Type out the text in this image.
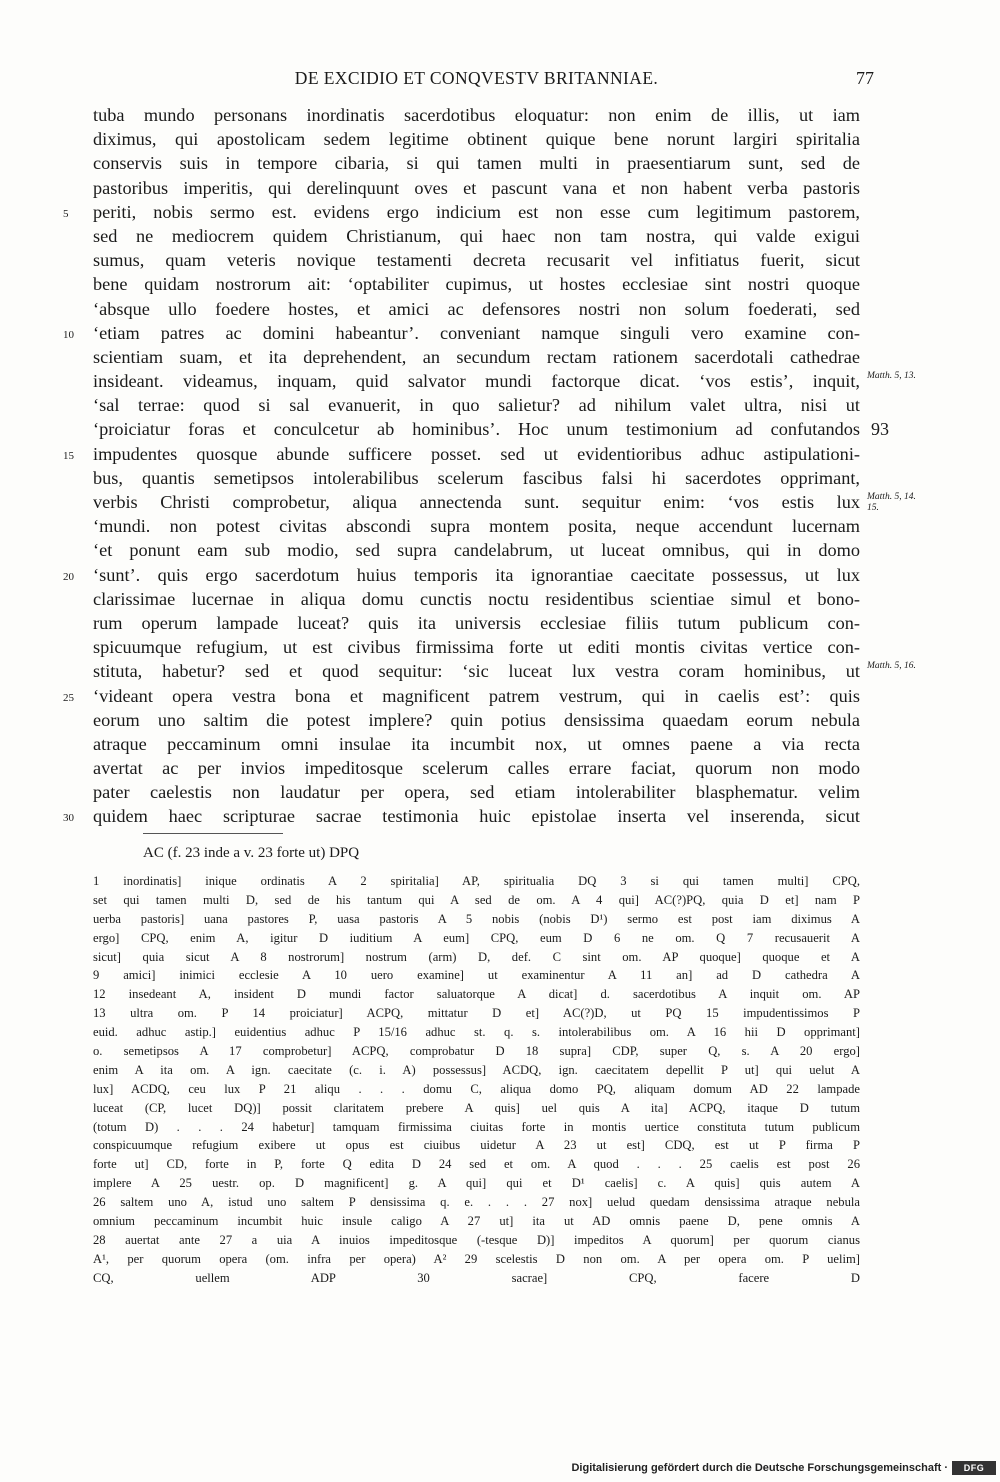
DE EXCIDIO ET CONQVESTV BRITANNIAE.	77
tuba mundo personans inordinatis sacerdotibus eloquatur: non enim de illis, ut iam
diximus, qui apostolicam sedem legitime obtinent quique bene norunt largiri spiritalia
conservis suis in tempore cibaria, si qui tamen multi in praesentiarum sunt, sed de
pastoribus imperitis, qui derelinquunt oves et pascunt vana et non habent verba pastoris
periti, nobis sermo est. evidens ergo indicium est non esse cum legitimum pastorem,
5
sed ne mediocrem quidem Christianum, qui haec non tam nostra, qui valde exigui
sumus, quam veteris novique testamenti decreta recusarit vel infitiatus fuerit, sicut
bene quidam nostrorum ait: ‘optabiliter cupimus, ut hostes ecclesiae sint nostri quoque
‘absque ullo foedere hostes, et amici ac defensores nostri non solum foederati, sed
‘etiam patres ac domini habeantur’. conveniant namque singuli vero examine con-
10
scientiam suam, et ita deprehendent, an secundum rectam rationem sacerdotali cathedrae
insideant. videamus, inquam, quid salvator mundi factorque dicat. ‘vos estis’, inquit, Matth. 5, 13.
‘sal terrae: quod si sal evanuerit, in quo salietur? ad nihilum valet ultra, nisi ut
‘proiciatur foras et conculcetur ab hominibus’. Hoc unum testimonium ad confutandos 93
impudentes quosque abunde sufficere posset. sed ut evidentioribus adhuc astipulationi-
15
bus, quantis semetipsos intolerabilibus scelerum fascibus falsi hi sacerdotes opprimant,
verbis Christi comprobetur, aliqua annectenda sunt. sequitur enim: ‘vos estis lux Matth. 5, 14.
15.
‘mundi. non potest civitas abscondi supra montem posita, neque accendunt lucernam
‘et ponunt eam sub modio, sed supra candelabrum, ut luceat omnibus, qui in domo
‘sunt’. quis ergo sacerdotum huius temporis ita ignorantiae caecitate possessus, ut lux
20
clarissimae lucernae in aliqua domu cunctis noctu residentibus scientiae simul et bono-
rum operum lampade luceat? quis ita universis ecclesiae filiis tutum publicum con-
spicuumque refugium, ut est civibus firmissima forte ut editi montis civitas vertice con-
stituta, habetur? sed et quod sequitur: ‘sic luceat lux vestra coram hominibus, ut Matth. 5, 16.
‘videant opera vestra bona et magnificent patrem vestrum, qui in caelis est’: quis
25
eorum uno saltim die potest implere? quin potius densissima quaedam eorum nebula
atraque peccaminum omni insulae ita incumbit nox, ut omnes paene a via recta
avertat ac per invios impeditosque scelerum calles errare faciat, quorum non modo
pater caelestis non laudatur per opera, sed etiam intolerabiliter blasphematur. velim
quidem haec scripturae sacrae testimonia huic epistolae inserta vel inserenda, sicut
30
AC (f. 23 inde a v. 23 forte ut) DPQ
1 inordinatis] inique ordinatis A 2 spiritalia] AP, spiritualia DQ 3 si qui tamen multi] CPQ,
set qui tamen multi D, sed de his tantum qui A sed de om. A 4 qui] AC(?)PQ, quia D et] nam P
uerba pastoris] uana pastores P, uasa pastoris A 5 nobis (nobis D¹) sermo est post iam diximus A
ergo] CPQ, enim A, igitur D iuditium A eum] CPQ, eum D 6 ne om. Q 7 recusauerit A
sicut] quia sicut A 8 nostrorum] nostrum (arm) D, def. C sint om. AP quoque] quoque et A
9 amici] inimici ecclesie A 10 uero examine] ut examinentur A 11 an] ad D cathedra A
12 insedeant A, insident D mundi factor saluatorque A dicat] d. sacerdotibus A inquit om. AP
13 ultra om. P 14 proiciatur] ACPQ, mittatur D et] AC(?)D, ut PQ 15 impudentissimos P
euid. adhuc astip.] euidentius adhuc P 15/16 adhuc st. q. s. intolerabilibus om. A 16 hii D opprimant]
o. semetipsos A 17 comprobetur] ACPQ, comprobatur D 18 supra] CDP, super Q, s. A 20 ergo]
enim A ita om. A ign. caecitate (c. i. A) possessus] ACDQ, ign. caecitatem depellit P ut] qui uelut A
lux] ACDQ, ceu lux P 21 aliqu . . . domu C, aliqua domo PQ, aliquam domum AD 22 lampade
luceat (CP, lucet DQ)] possit claritatem prebere A quis] uel quis A ita] ACPQ, itaque D tutum
(totum D) . . . 24 habetur] tamquam firmissima ciuitas forte in montis uertice constituta tutum publicum
conspicuumque refugium exibere ut opus est ciuibus uidetur A 23 ut est] CDQ, est ut P firma P
forte ut] CD, forte in P, forte Q edita D 24 sed et om. A quod . . . 25 caelis est post 26
implere A 25 uestr. op. D magnificent] g. A qui] qui et D¹ caelis] c. A quis] quis autem A
26 saltem uno A, istud uno saltem P densissima q. e. . . . 27 nox] uelud quedam densissima atraque nebula
omnium peccaminum incumbit huic insule caligo A 27 ut] ita ut AD omnis paene D, pene omnis A
28 auertat ante 27 a uia A inuios impeditosque (-tesque D)] impeditos A quorum] per quorum cianus
A¹, per quorum opera (om. infra per opera) A² 29 scelestis D non om. A per opera om. P uelim]
CQ, uellem ADP 30 sacrae] CPQ, facere D
Digitalisierung gefördert durch die Deutsche Forschungsgemeinschaft ·	DFG
